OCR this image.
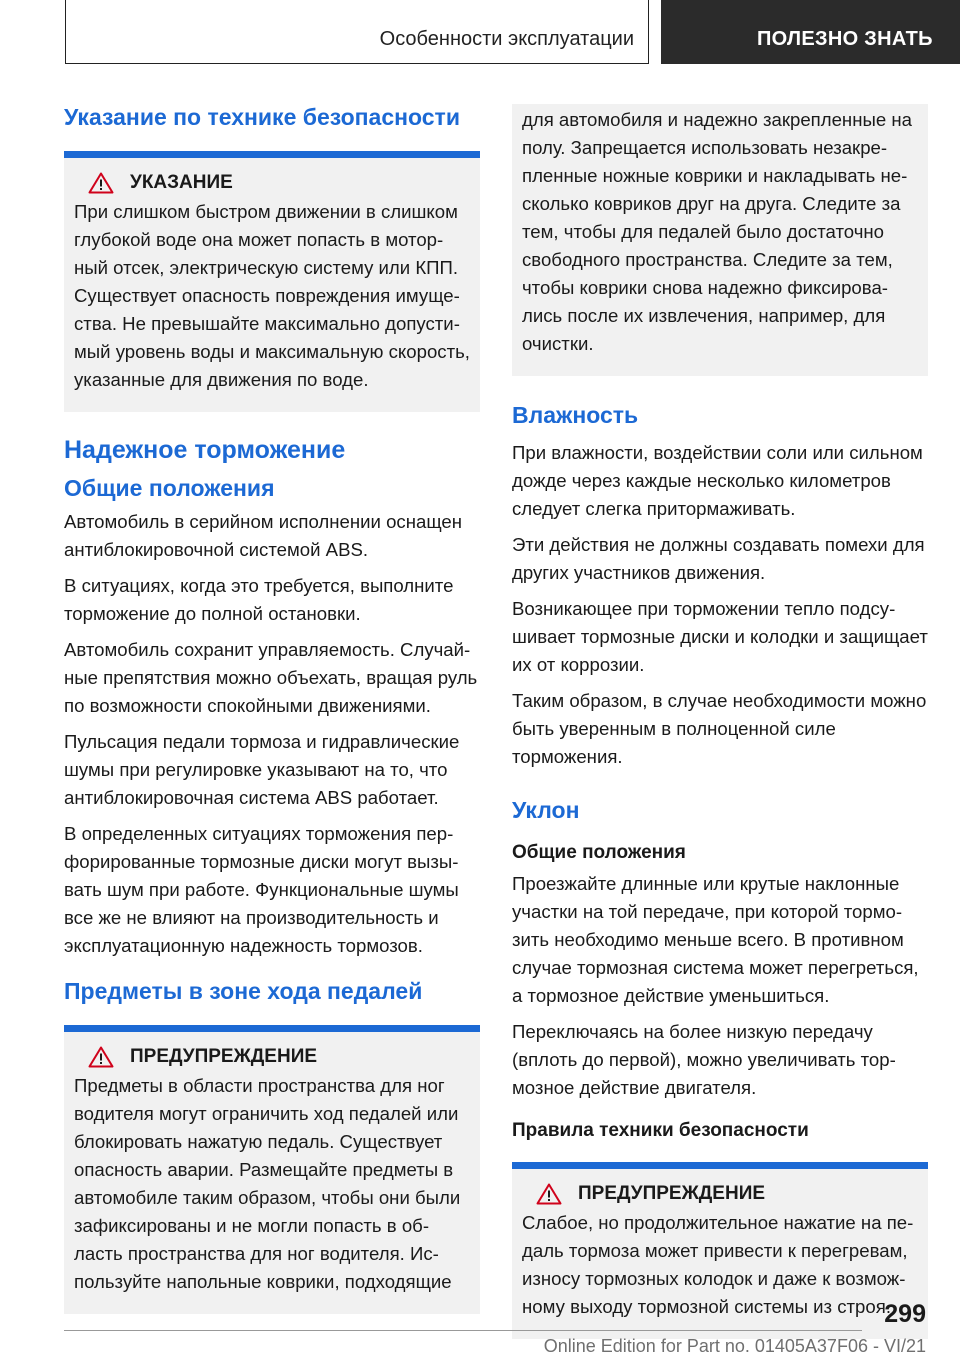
Особенности эксплуатации	ПОЛЕЗНО ЗНАТЬ
Указание по технике безопасности
УКАЗАНИЕ

При слишком быстром движении в слишком глубокой воде она может попасть в моторный отсек, электрическую систему или КПП. Существует опасность повреждения имущества. Не превышайте максимально допустимый уровень воды и максимальную скорость, указанные для движения по воде.

Надежное торможение
Общие положения

Автомобиль в серийном исполнении оснащен антиблокировочной системой ABS.

В ситуациях, когда это требуется, выполните торможение до полной остановки.

Автомобиль сохранит управляемость. Случайные препятствия можно объехать, вращая руль по возможности спокойными движениями.

Пульсация педали тормоза и гидравлические шумы при регулировке указывают на то, что антиблокировочная система ABS работает.

В определенных ситуациях торможения перфорированные тормозные диски могут вызывать шум при работе. Функциональные шумы все же не влияют на производительность и эксплуатационную надежность тормозов.

Предметы в зоне хода педалей
ПРЕДУПРЕЖДЕНИЕ

Предметы в области пространства для ног водителя могут ограничить ход педалей или блокировать нажатую педаль. Существует опасность аварии. Размещайте предметы в автомобиле таким образом, чтобы они были зафиксированы и не могли попасть в область пространства для ног водителя. Используйте напольные коврики, подходящие

для автомобиля и надежно закрепленные на полу. Запрещается использовать незакрепленные ножные коврики и накладывать несколько ковриков друг на друга. Следите за тем, чтобы для педалей было достаточно свободного пространства. Следите за тем, чтобы коврики снова надежно фиксировались после их извлечения, например, для очистки.

Влажность

При влажности, воздействии соли или сильном дожде через каждые несколько километров следует слегка притормаживать.

Эти действия не должны создавать помехи для других участников движения.

Возникающее при торможении тепло подсушивает тормозные диски и колодки и защищает их от коррозии.

Таким образом, в случае необходимости можно быть уверенным в полноценной силе торможения.

Уклон
Общие положения

Проезжайте длинные или крутые наклонные участки на той передаче, при которой тормозить необходимо меньше всего. В противном случае тормозная система может перегреться, а тормозное действие уменьшиться.

Переключаясь на более низкую передачу (вплоть до первой), можно увеличивать тормозное действие двигателя.

Правила техники безопасности
ПРЕДУПРЕЖДЕНИЕ

Слабое, но продолжительное нажатие на педаль тормоза может привести к перегревам, износу тормозных колодок и даже к возможному выходу тормозной системы из строя.

299
Online Edition for Part no. 01405A37F06 - VI/21
